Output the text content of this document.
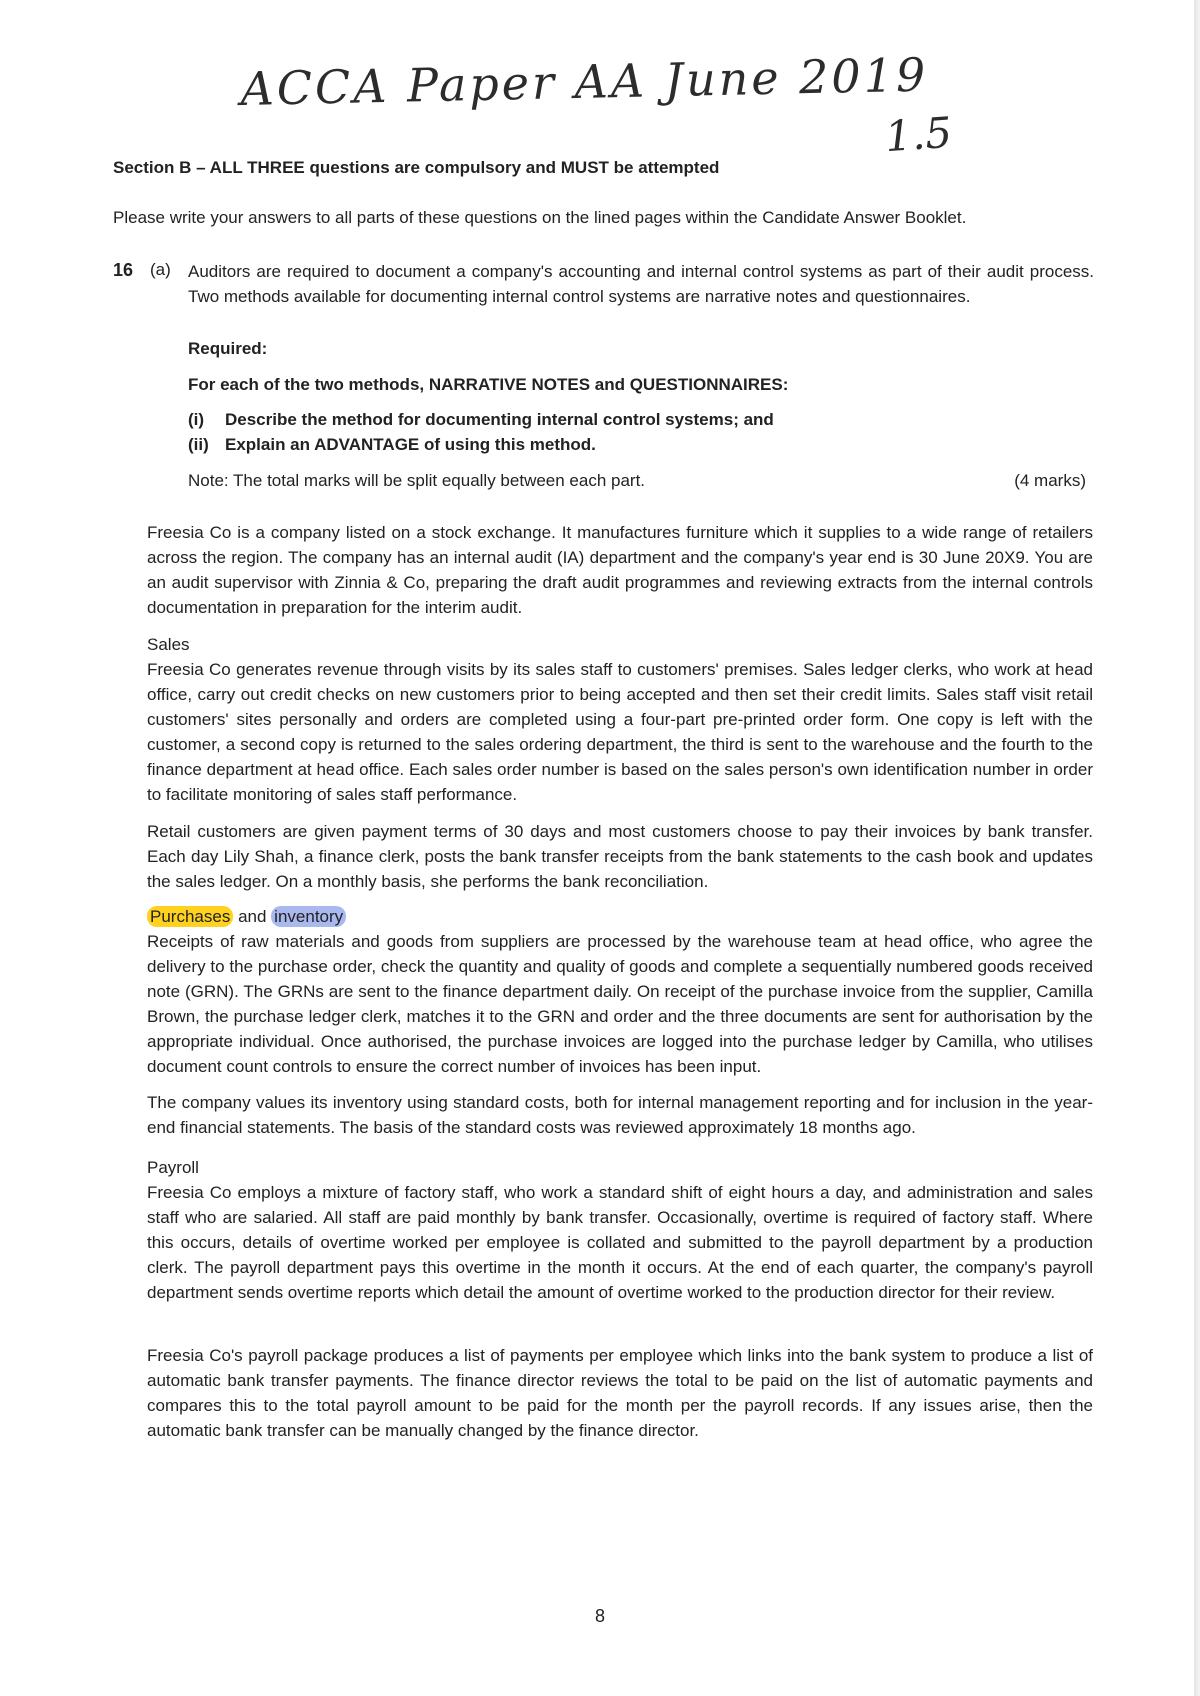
ACCA Paper AA June 2019
1.5
Section B – ALL THREE questions are compulsory and MUST be attempted

Please write your answers to all parts of these questions on the lined pages within the Candidate Answer Booklet.

16 (a) Auditors are required to document a company's accounting and internal control systems as part of their audit process. Two methods available for documenting internal control systems are narrative notes and questionnaires.

Required:

For each of the two methods, NARRATIVE NOTES and QUESTIONNAIRES:

(i) Describe the method for documenting internal control systems; and
(ii) Explain an ADVANTAGE of using this method.
Note: The total marks will be split equally between each part.	(4 marks)

Freesia Co is a company listed on a stock exchange. It manufactures furniture which it supplies to a wide range of retailers across the region. The company has an internal audit (IA) department and the company's year end is 30 June 20X9. You are an audit supervisor with Zinnia & Co, preparing the draft audit programmes and reviewing extracts from the internal controls documentation in preparation for the interim audit.

Sales

Freesia Co generates revenue through visits by its sales staff to customers' premises. Sales ledger clerks, who work at head office, carry out credit checks on new customers prior to being accepted and then set their credit limits. Sales staff visit retail customers' sites personally and orders are completed using a four-part pre-printed order form. One copy is left with the customer, a second copy is returned to the sales ordering department, the third is sent to the warehouse and the fourth to the finance department at head office. Each sales order number is based on the sales person's own identification number in order to facilitate monitoring of sales staff performance.

Retail customers are given payment terms of 30 days and most customers choose to pay their invoices by bank transfer. Each day Lily Shah, a finance clerk, posts the bank transfer receipts from the bank statements to the cash book and updates the sales ledger. On a monthly basis, she performs the bank reconciliation.

Purchases and inventory

Receipts of raw materials and goods from suppliers are processed by the warehouse team at head office, who agree the delivery to the purchase order, check the quantity and quality of goods and complete a sequentially numbered goods received note (GRN). The GRNs are sent to the finance department daily. On receipt of the purchase invoice from the supplier, Camilla Brown, the purchase ledger clerk, matches it to the GRN and order and the three documents are sent for authorisation by the appropriate individual. Once authorised, the purchase invoices are logged into the purchase ledger by Camilla, who utilises document count controls to ensure the correct number of invoices has been input.

The company values its inventory using standard costs, both for internal management reporting and for inclusion in the year-end financial statements. The basis of the standard costs was reviewed approximately 18 months ago.

Payroll

Freesia Co employs a mixture of factory staff, who work a standard shift of eight hours a day, and administration and sales staff who are salaried. All staff are paid monthly by bank transfer. Occasionally, overtime is required of factory staff. Where this occurs, details of overtime worked per employee is collated and submitted to the payroll department by a production clerk. The payroll department pays this overtime in the month it occurs. At the end of each quarter, the company's payroll department sends overtime reports which detail the amount of overtime worked to the production director for their review.

Freesia Co's payroll package produces a list of payments per employee which links into the bank system to produce a list of automatic bank transfer payments. The finance director reviews the total to be paid on the list of automatic payments and compares this to the total payroll amount to be paid for the month per the payroll records. If any issues arise, then the automatic bank transfer can be manually changed by the finance director.

8
